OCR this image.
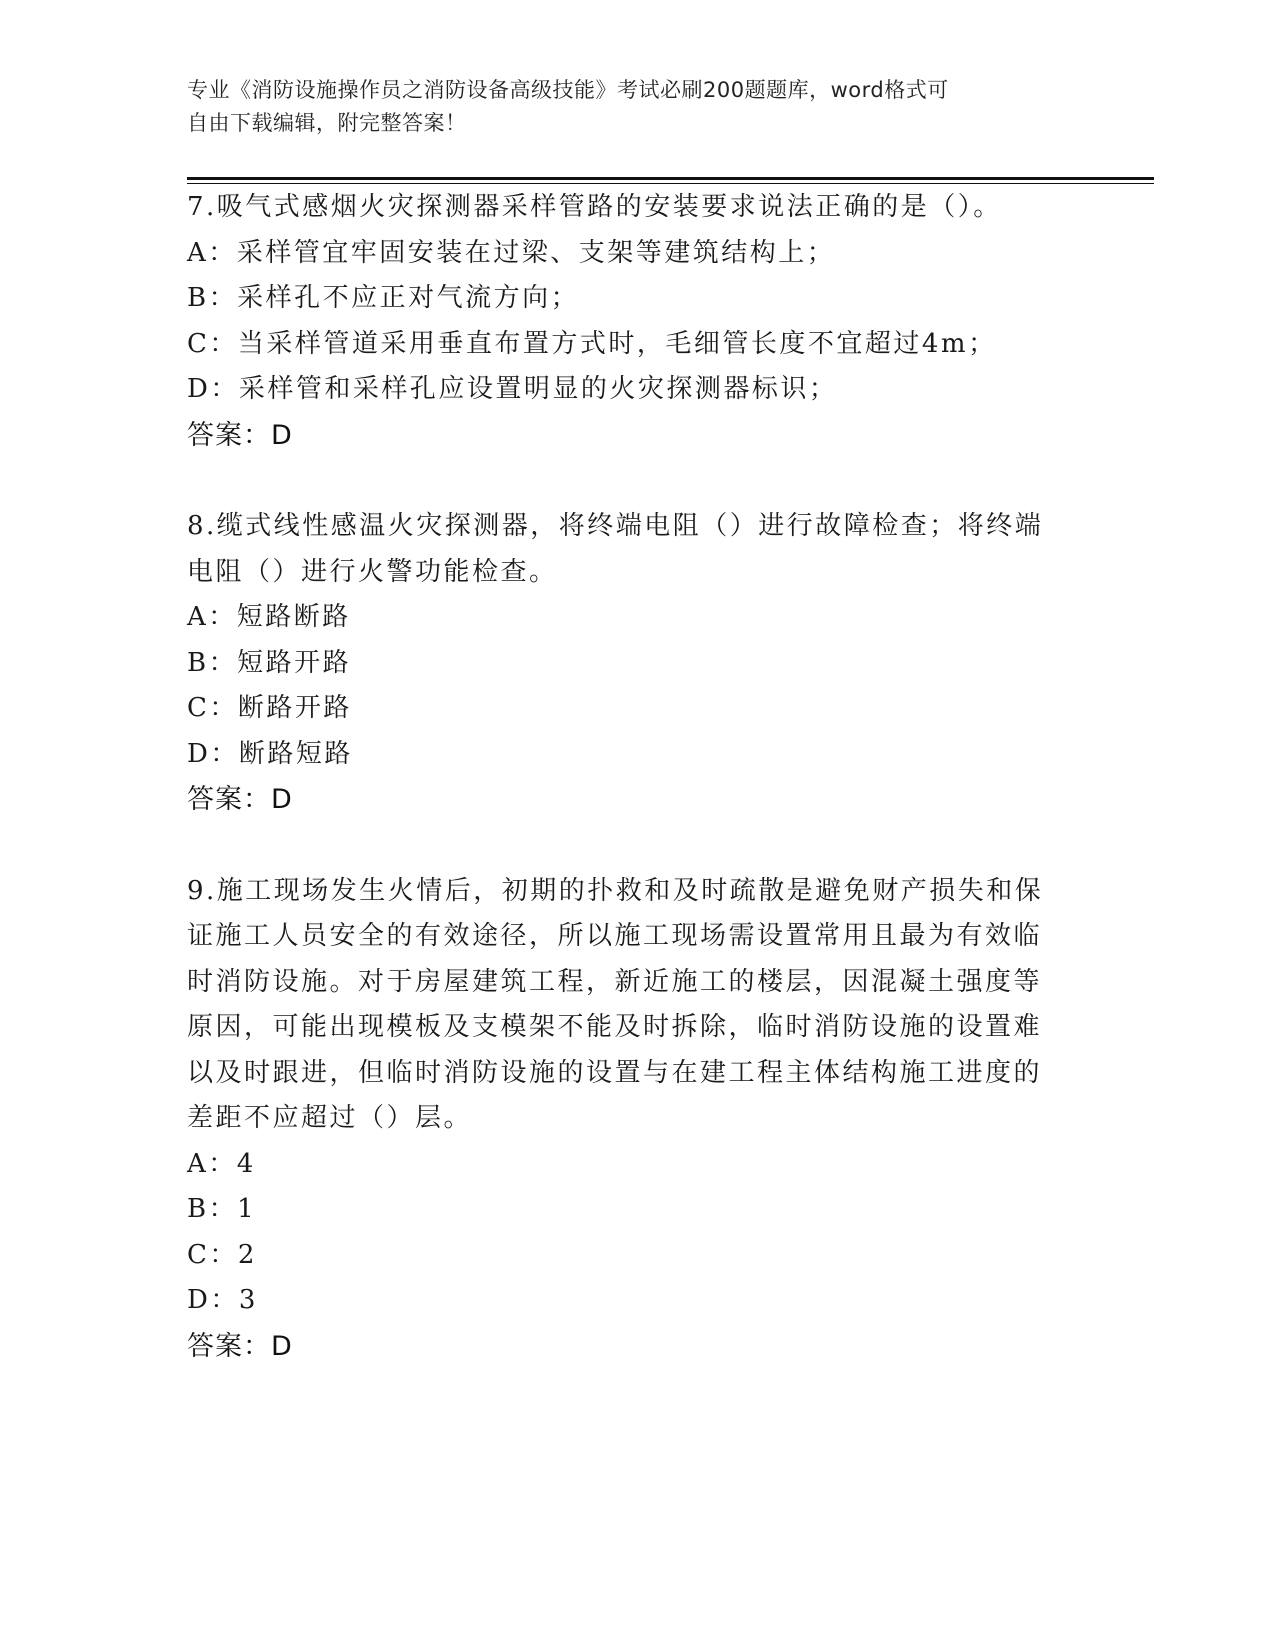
专业《消防设施操作员之消防设备高级技能》考试必刷200题题库，word格式可
自由下载编辑，附完整答案！

7.吸气式感烟火灾探测器采样管路的安装要求说法正确的是（）。

A：采样管宜牢固安装在过梁、支架等建筑结构上；

B：采样孔不应正对气流方向；

C：当采样管道采用垂直布置方式时，毛细管长度不宜超过4m；

D：采样管和采样孔应设置明显的火灾探测器标识；

答案：D

8.缆式线性感温火灾探测器，将终端电阻（）进行故障检查；将终端电阻（）进行火警功能检查。

A：短路断路

B：短路开路

C：断路开路

D：断路短路

答案：D

9.施工现场发生火情后，初期的扑救和及时疏散是避免财产损失和保证施工人员安全的有效途径，所以施工现场需设置常用且最为有效临时消防设施。对于房屋建筑工程，新近施工的楼层，因混凝土强度等原因，可能出现模板及支模架不能及时拆除，临时消防设施的设置难以及时跟进，但临时消防设施的设置与在建工程主体结构施工进度的差距不应超过（）层。

A：4

B：1

C：2

D：3

答案：D
